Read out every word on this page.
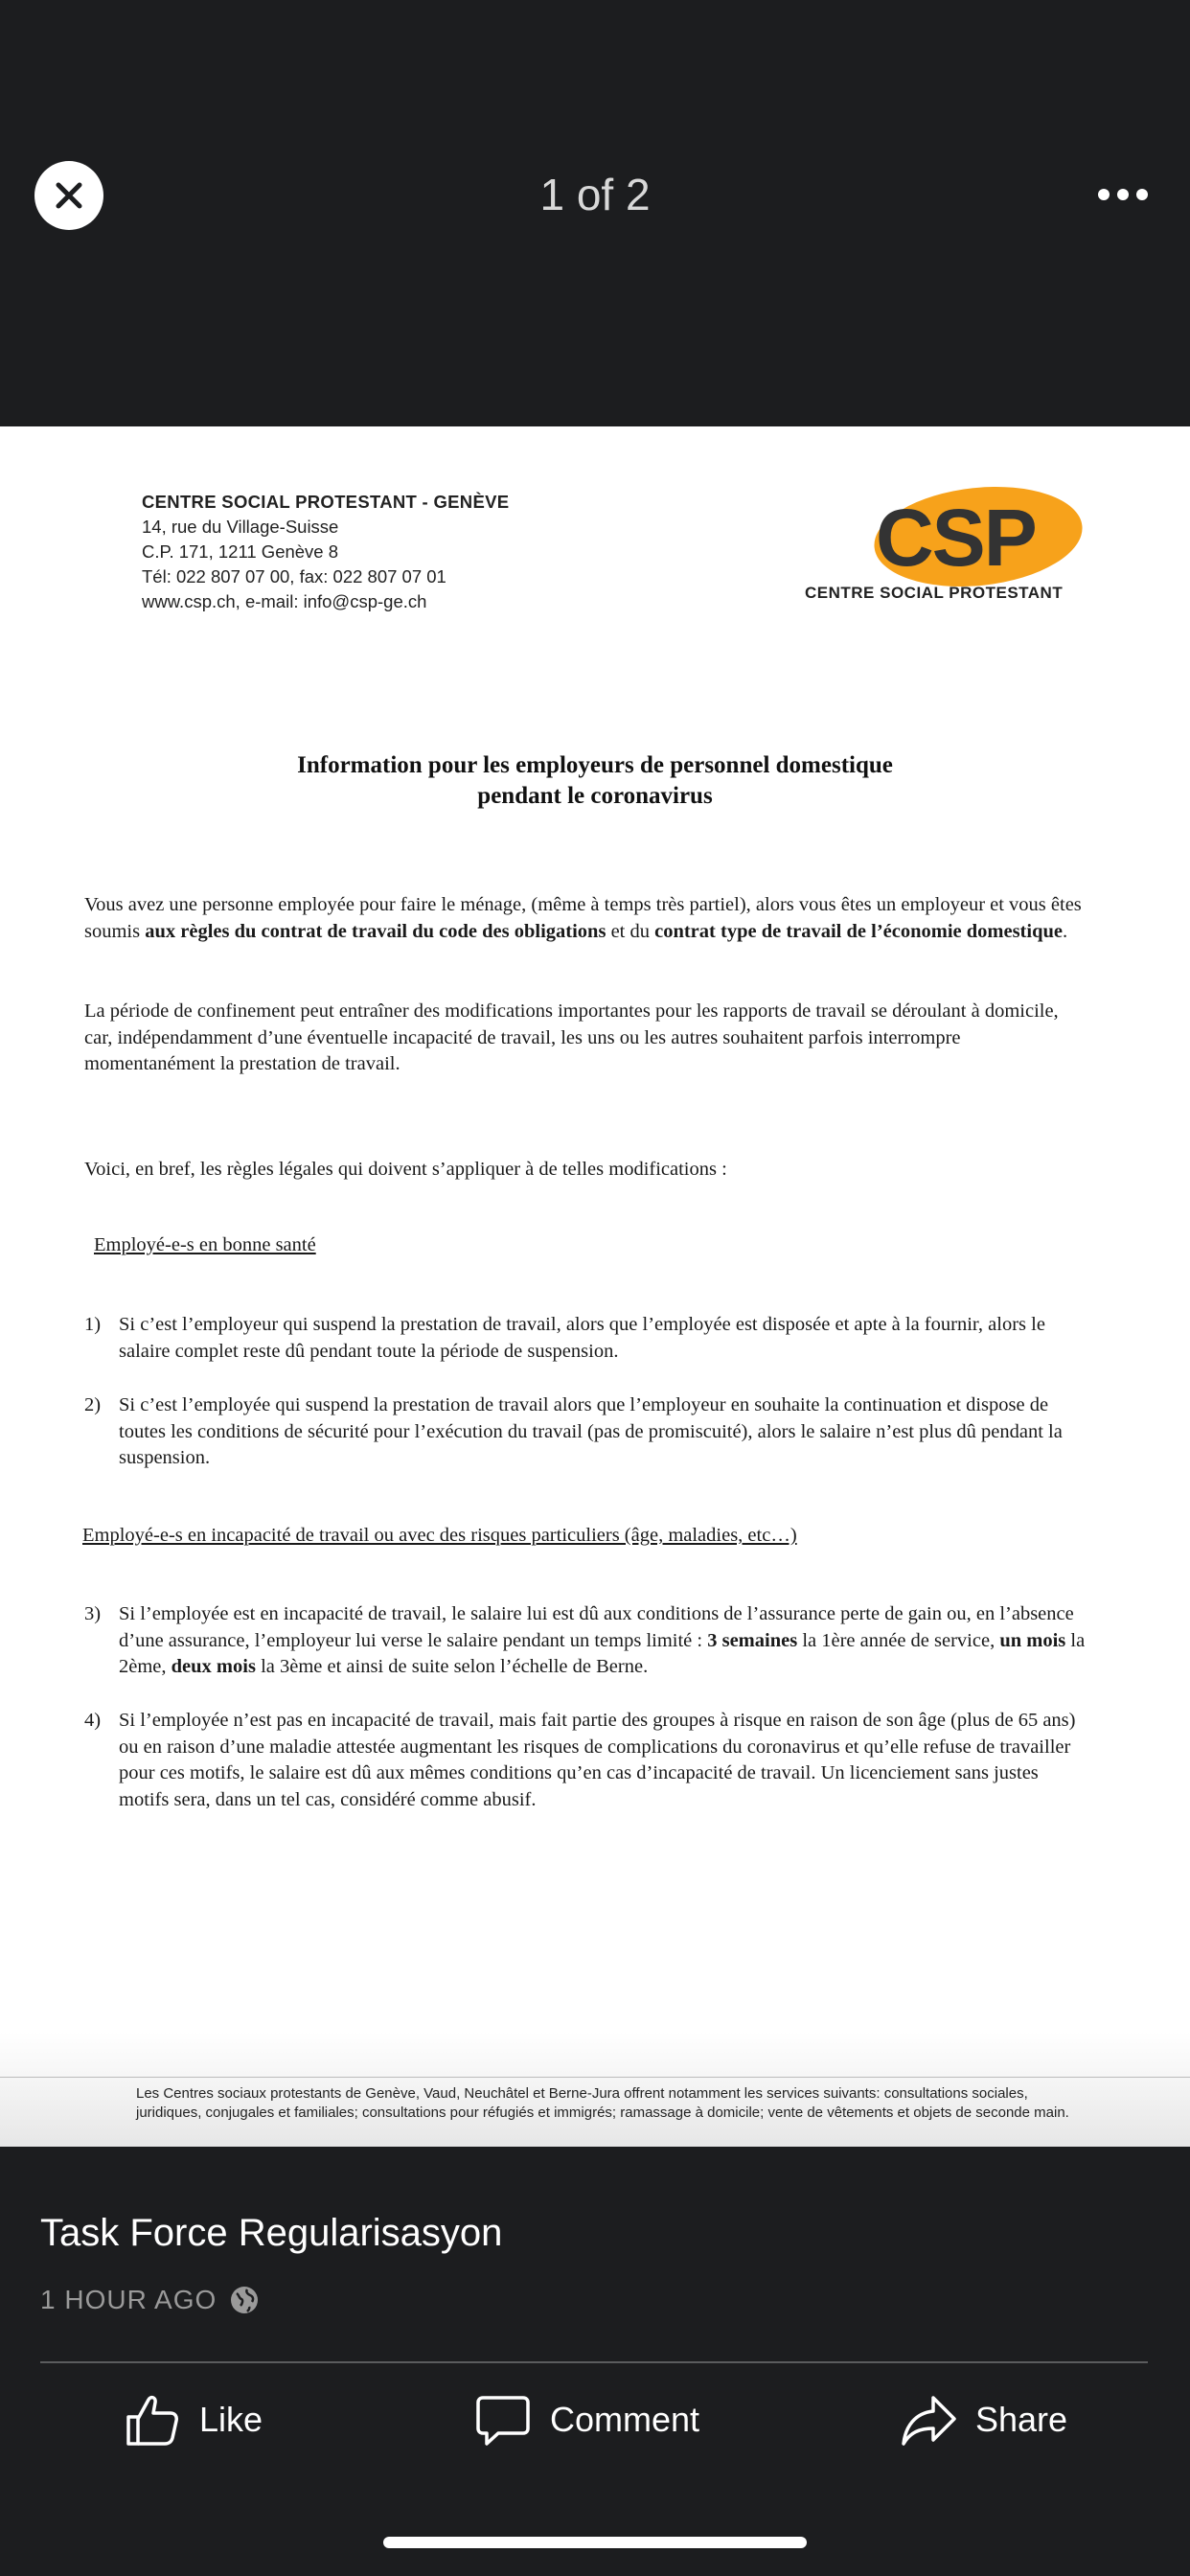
1 of 2
CENTRE SOCIAL PROTESTANT - GENÈVE
14, rue du Village-Suisse
C.P. 171, 1211 Genève 8
Tél: 022 807 07 00, fax: 022 807 07 01
www.csp.ch, e-mail: info@csp-ge.ch
CSP
CENTRE SOCIAL PROTESTANT
Information pour les employeurs de personnel domestique
pendant le coronavirus
Vous avez une personne employée pour faire le ménage, (même à temps très partiel), alors vous êtes un employeur et vous êtes soumis aux règles du contrat de travail du code des obligations et du contrat type de travail de l’économie domestique.
La période de confinement peut entraîner des modifications importantes pour les rapports de travail se déroulant à domicile, car, indépendamment d’une éventuelle incapacité de travail, les uns ou les autres souhaitent parfois interrompre momentanément la prestation de travail.
Voici, en bref, les règles légales qui doivent s’appliquer à de telles modifications :
Employé-e-s en bonne santé
1) Si c’est l’employeur qui suspend la prestation de travail, alors que l’employée est disposée et apte à la fournir, alors le salaire complet reste dû pendant toute la période de suspension.
2) Si c’est l’employée qui suspend la prestation de travail alors que l’employeur en souhaite la continuation et dispose de toutes les conditions de sécurité pour l’exécution du travail (pas de promiscuité), alors le salaire n’est plus dû pendant la suspension.
Employé-e-s en incapacité de travail ou avec des risques particuliers (âge, maladies, etc…)
3) Si l’employée est en incapacité de travail, le salaire lui est dû aux conditions de l’assurance perte de gain ou, en l’absence d’une assurance, l’employeur lui verse le salaire pendant un temps limité : 3 semaines la 1ère année de service, un mois la 2ème, deux mois la 3ème et ainsi de suite selon l’échelle de Berne.
4) Si l’employée n’est pas en incapacité de travail, mais fait partie des groupes à risque en raison de son âge (plus de 65 ans) ou en raison d’une maladie attestée augmentant les risques de complications du coronavirus et qu’elle refuse de travailler pour ces motifs, le salaire est dû aux mêmes conditions qu’en cas d’incapacité de travail. Un licenciement sans justes motifs sera, dans un tel cas, considéré comme abusif.
Les Centres sociaux protestants de Genève, Vaud, Neuchâtel et Berne-Jura offrent notamment les services suivants: consultations sociales, juridiques, conjugales et familiales; consultations pour réfugiés et immigrés; ramassage à domicile; vente de vêtements et objets de seconde main.
Task Force Regularisasyon
1 HOUR AGO
Like	Comment	Share
